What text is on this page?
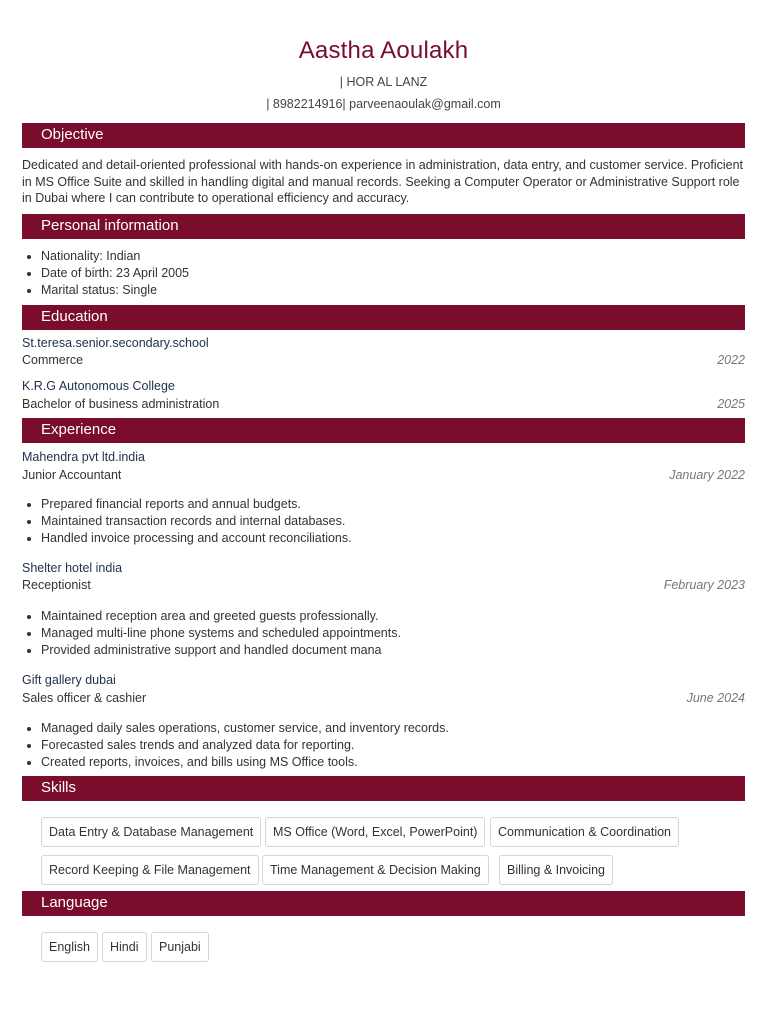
Aastha Aoulakh
| HOR AL LANZ
| 8982214916| parveenaoulak@gmail.com
Objective
Dedicated and detail-oriented professional with hands-on experience in administration, data entry, and customer service. Proficient in MS Office Suite and skilled in handling digital and manual records. Seeking a Computer Operator or Administrative Support role in Dubai where I can contribute to operational efficiency and accuracy.
Personal information
• Nationality: Indian
• Date of birth: 23 April 2005
• Marital status: Single
Education
St.teresa.senior.secondary.school
Commerce	2022
K.R.G Autonomous College
Bachelor of business administration	2025
Experience
Mahendra pvt ltd.india
Junior Accountant	January 2022
• Prepared financial reports and annual budgets.
• Maintained transaction records and internal databases.
• Handled invoice processing and account reconciliations.
Shelter hotel india
Receptionist	February 2023
• Maintained reception area and greeted guests professionally.
• Managed multi-line phone systems and scheduled appointments.
• Provided administrative support and handled document mana
Gift gallery dubai
Sales officer & cashier	June 2024
• Managed daily sales operations, customer service, and inventory records.
• Forecasted sales trends and analyzed data for reporting.
• Created reports, invoices, and bills using MS Office tools.
Skills
Data Entry & Database Management	MS Office (Word, Excel, PowerPoint)	Communication & Coordination
Record Keeping & File Management	Time Management & Decision Making	Billing & Invoicing
Language
English	Hindi	Punjabi
